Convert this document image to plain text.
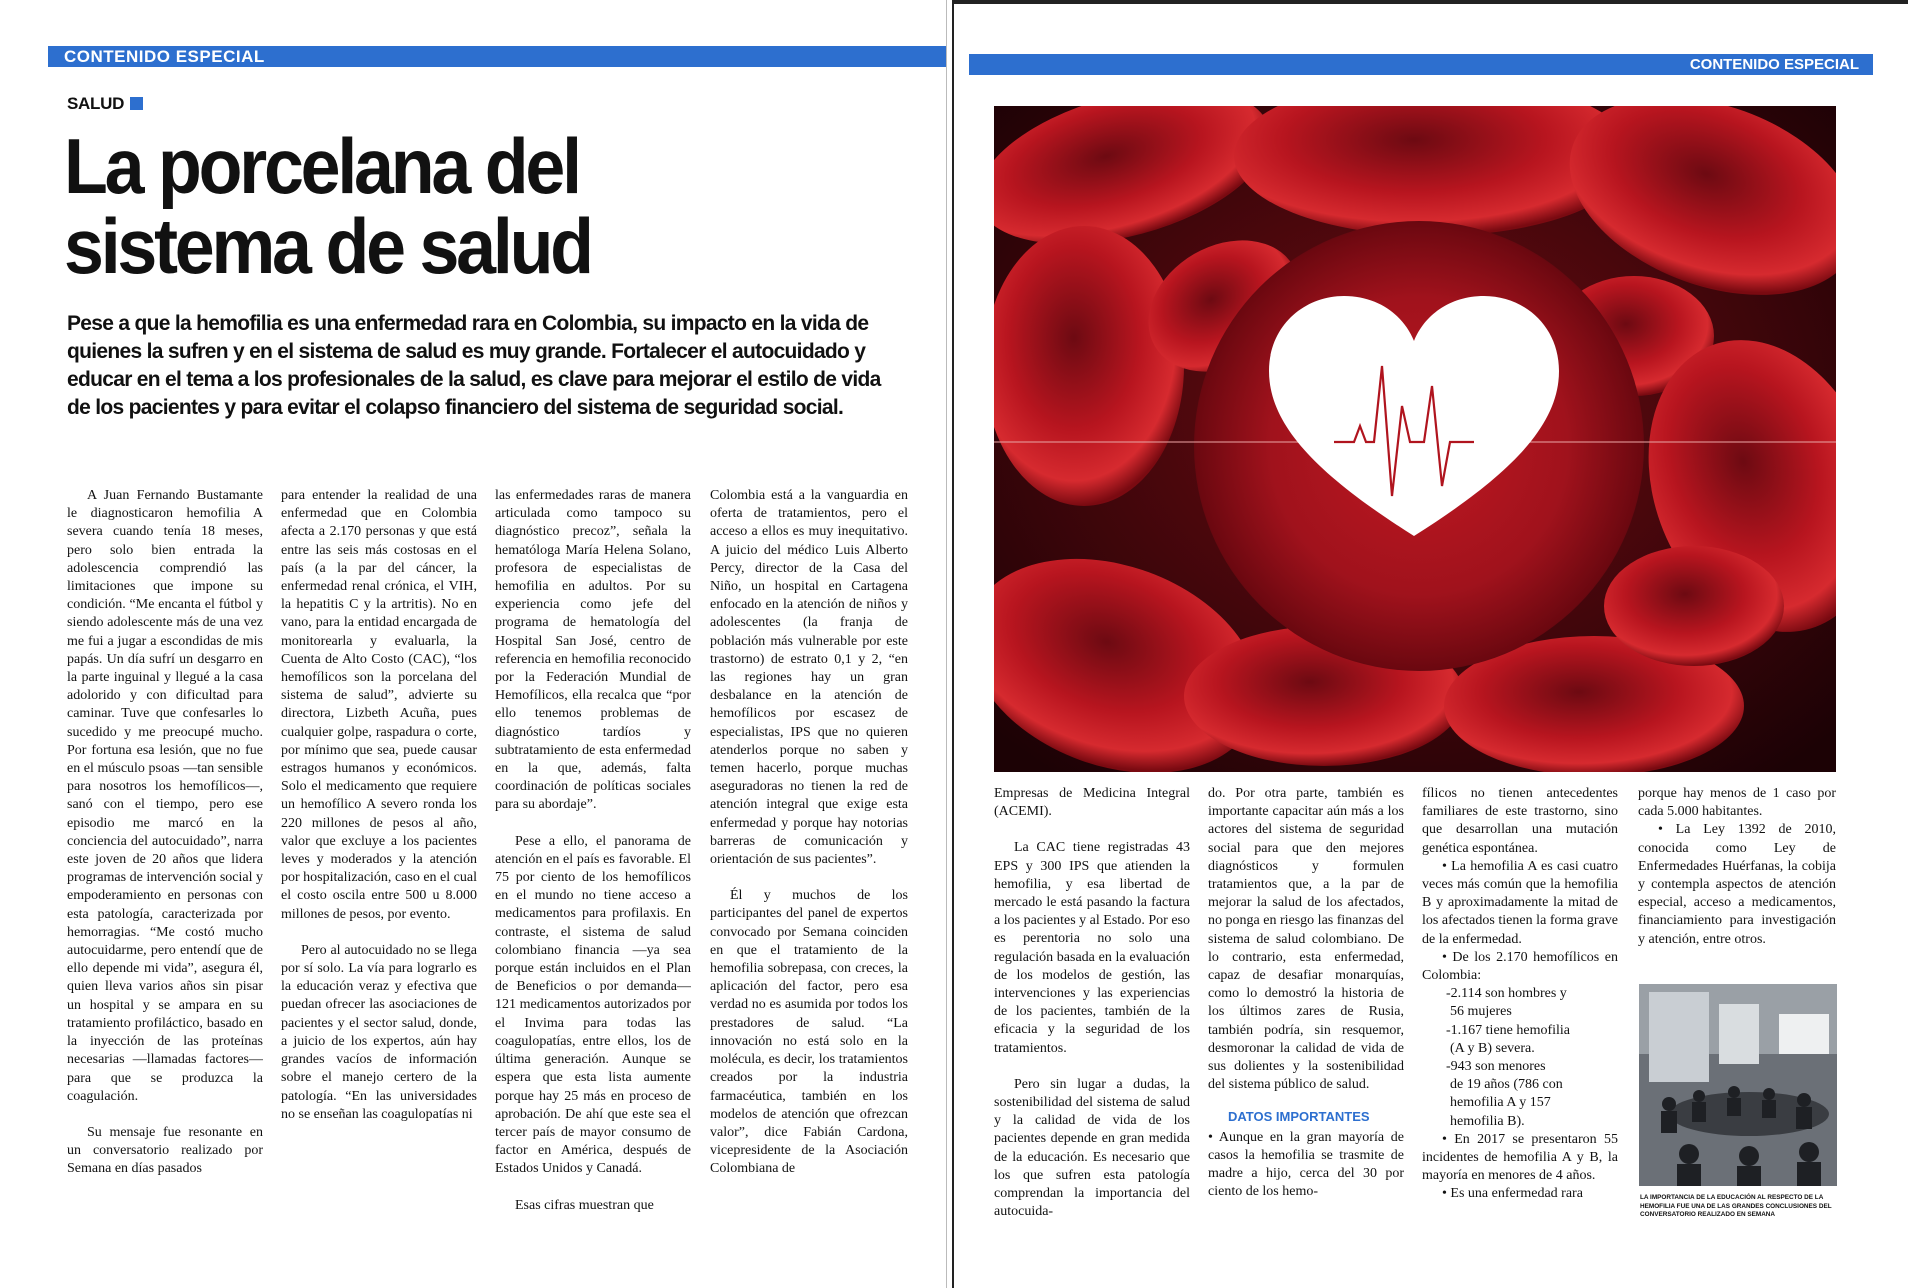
CONTENIDO ESPECIAL
SALUD
La porcelana del
sistema de salud

Pese a que la hemofilia es una enfermedad rara en Colombia, su impacto en la vida de quienes la sufren y en el sistema de salud es muy grande. Fortalecer el autocuidado y educar en el tema a los profesionales de la salud, es clave para mejorar el estilo de vida de los pacientes y para evitar el colapso financiero del sistema de seguridad social.

A Juan Fernando Bustamante le diagnosticaron hemofilia A severa cuando tenía 18 meses, pero solo bien entrada la adolescencia comprendió las limitaciones que impone su condición. “Me encanta el fútbol y siendo adolescente más de una vez me fui a jugar a escondidas de mis papás. Un día sufrí un desgarro en la parte inguinal y llegué a la casa adolorido y con dificultad para caminar. Tuve que confesarles lo sucedido y me preocupé mucho. Por fortuna esa lesión, que no fue en el músculo psoas —tan sensible para nosotros los hemofílicos—, sanó con el tiempo, pero ese episodio me marcó en la conciencia del autocuidado”, narra este joven de 20 años que lidera programas de intervención social y empoderamiento en personas con esta patología, caracterizada por hemorragias. “Me costó mucho autocuidarme, pero entendí que de ello depende mi vida”, asegura él, quien lleva varios años sin pisar un hospital y se ampara en su tratamiento profiláctico, basado en la inyección de las proteínas necesarias —llamadas factores— para que se produzca la coagulación.

Su mensaje fue resonante en un conversatorio realizado por Semana en días pasados

para entender la realidad de una enfermedad que en Colombia afecta a 2.170 personas y que está entre las seis más costosas en el país (a la par del cáncer, la enfermedad renal crónica, el VIH, la hepatitis C y la artritis). No en vano, para la entidad encargada de monitorearla y evaluarla, la Cuenta de Alto Costo (CAC), “los hemofílicos son la porcelana del sistema de salud”, advierte su directora, Lizbeth Acuña, pues cualquier golpe, raspadura o corte, por mínimo que sea, puede causar estragos humanos y económicos. Solo el medicamento que requiere un hemofílico A severo ronda los 220 millones de pesos al año, valor que excluye a los pacientes leves y moderados y la atención por hospitalización, caso en el cual el costo oscila entre 500 u 8.000 millones de pesos, por evento.

Pero al autocuidado no se llega por sí solo. La vía para lograrlo es la educación veraz y efectiva que puedan ofrecer las asociaciones de pacientes y el sector salud, donde, a juicio de los expertos, aún hay grandes vacíos de información sobre el manejo certero de la patología. “En las universidades no se enseñan las coagulopatías ni

las enfermedades raras de manera articulada como tampoco su diagnóstico precoz”, señala la hematóloga María Helena Solano, profesora de especialistas de hemofilia en adultos. Por su experiencia como jefe del programa de hematología del Hospital San José, centro de referencia en hemofilia reconocido por la Federación Mundial de Hemofílicos, ella recalca que “por ello tenemos problemas de diagnóstico tardíos y subtratamiento de esta enfermedad en la que, además, falta coordinación de políticas sociales para su abordaje”.

Pese a ello, el panorama de atención en el país es favorable. El 75 por ciento de los hemofílicos en el mundo no tiene acceso a medicamentos para profilaxis. En contraste, el sistema de salud colombiano financia —ya sea porque están incluidos en el Plan de Beneficios o por demanda— 121 medicamentos autorizados por el Invima para todas las coagulopatías, entre ellos, los de última generación. Aunque se espera que esta lista aumente porque hay 25 más en proceso de aprobación. De ahí que este sea el tercer país de mayor consumo de factor en América, después de Estados Unidos y Canadá.

Esas cifras muestran que

Colombia está a la vanguardia en oferta de tratamientos, pero el acceso a ellos es muy inequitativo. A juicio del médico Luis Alberto Percy, director de la Casa del Niño, un hospital en Cartagena enfocado en la atención de niños y adolescentes (la franja de población más vulnerable por este trastorno) de estrato 0,1 y 2, “en las regiones hay un gran desbalance en la atención de hemofílicos por escasez de especialistas, IPS que no quieren atenderlos porque no saben y temen hacerlo, porque muchas aseguradoras no tienen la red de atención integral que exige esta enfermedad y porque hay notorias barreras de comunicación y orientación de sus pacientes”.

Él y muchos de los participantes del panel de expertos convocado por Semana coinciden en que el tratamiento de la hemofilia sobrepasa, con creces, la aplicación del factor, pero esa verdad no es asumida por todos los prestadores de salud. “La innovación no está solo en la molécula, es decir, los tratamientos creados por la industria farmacéutica, también en los modelos de atención que ofrezcan valor”, dice Fabián Cardona, vicepresidente de la Asociación Colombiana de

CONTENIDO ESPECIAL

Empresas de Medicina Integral (ACEMI).

La CAC tiene registradas 43 EPS y 300 IPS que atienden la hemofilia, y esa libertad de mercado le está pasando la factura a los pacientes y al Estado. Por eso es perentoria no solo una regulación basada en la evaluación de los modelos de gestión, las intervenciones y las experiencias de los pacientes, también de la eficacia y la seguridad de los tratamientos.

Pero sin lugar a dudas, la sostenibilidad del sistema de salud y la calidad de vida de los pacientes depende en gran medida de la educación. Es necesario que los que sufren esta patología comprendan la importancia del autocuida-

do. Por otra parte, también es importante capacitar aún más a los actores del sistema de seguridad social para que den mejores diagnósticos y formulen tratamientos que, a la par de mejorar la salud de los afectados, no ponga en riesgo las finanzas del sistema de salud colombiano. De lo contrario, esta enfermedad, capaz de desafiar monarquías, como lo demostró la historia de los últimos zares de Rusia, también podría, sin resquemor, desmoronar la calidad de vida de sus dolientes y la sostenibilidad del sistema público de salud.

DATOS IMPORTANTES

• Aunque en la gran mayoría de casos la hemofilia se trasmite de madre a hijo, cerca del 30 por ciento de los hemo-

fílicos no tienen antecedentes familiares de este trastorno, sino que desarrollan una mutación genética espontánea.

• La hemofilia A es casi cuatro veces más común que la hemofilia B y aproximadamente la mitad de los afectados tienen la forma grave de la enfermedad.

• De los 2.170 hemofílicos en Colombia:

-2.114 son hombres y

56 mujeres

-1.167 tiene hemofilia

(A y B) severa.

-943 son menores

de 19 años (786 con

hemofilia A y 157

hemofilia B).

• En 2017 se presentaron 55 incidentes de hemofilia A y B, la mayoría en menores de 4 años.

• Es una enfermedad rara

porque hay menos de 1 caso por cada 5.000 habitantes.

• La Ley 1392 de 2010, conocida como Ley de Enfermedades Huérfanas, la cobija y contempla aspectos de atención especial, acceso a medicamentos, financiamiento para investigación y atención, entre otros.

LA IMPORTANCIA DE LA EDUCACIÓN AL RESPECTO DE LA HEMOFILIA FUE UNA DE LAS GRANDES CONCLUSIONES DEL CONVERSATORIO REALIZADO EN SEMANA
